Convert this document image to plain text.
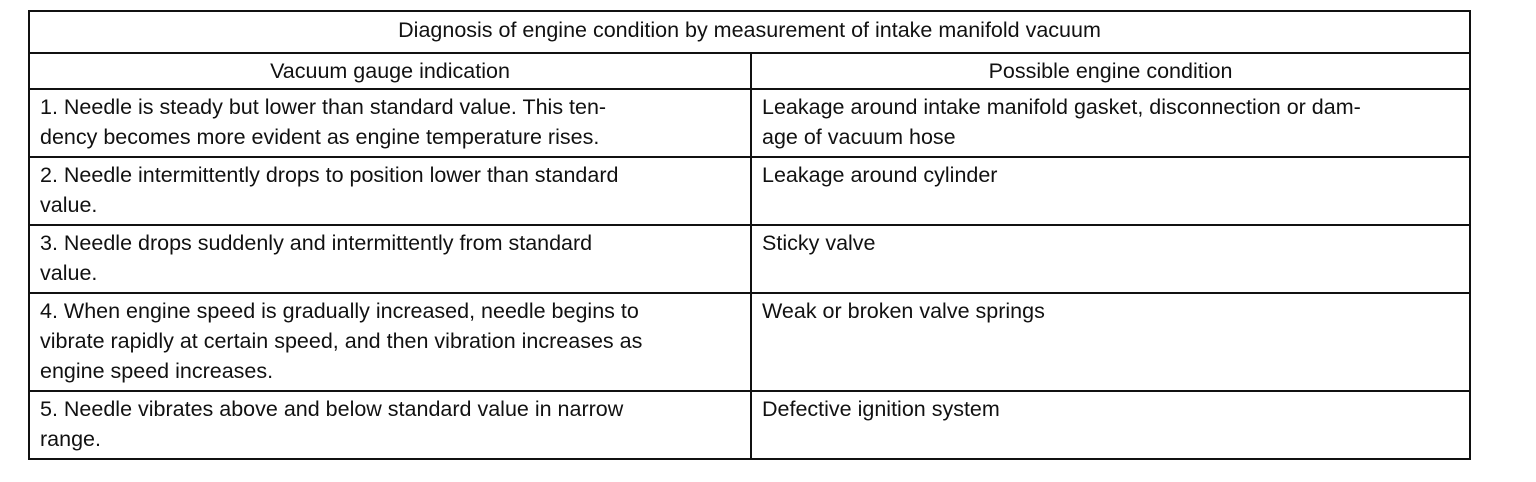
Diagnosis of engine condition by measurement of intake manifold vacuum	
Vacuum gauge indication	Possible engine condition

1. Needle is steady but lower than standard value. This ten-
dency becomes more evident as engine temperature rises.	Leakage around intake manifold gasket, disconnection or dam-
age of vacuum hose

2. Needle intermittently drops to position lower than standard
value.	Leakage around cylinder

3. Needle drops suddenly and intermittently from standard
value.	Sticky valve

4. When engine speed is gradually increased, needle begins to
vibrate rapidly at certain speed, and then vibration increases as
engine speed increases.	Weak or broken valve springs

5. Needle vibrates above and below standard value in narrow
range.	Defective ignition system
